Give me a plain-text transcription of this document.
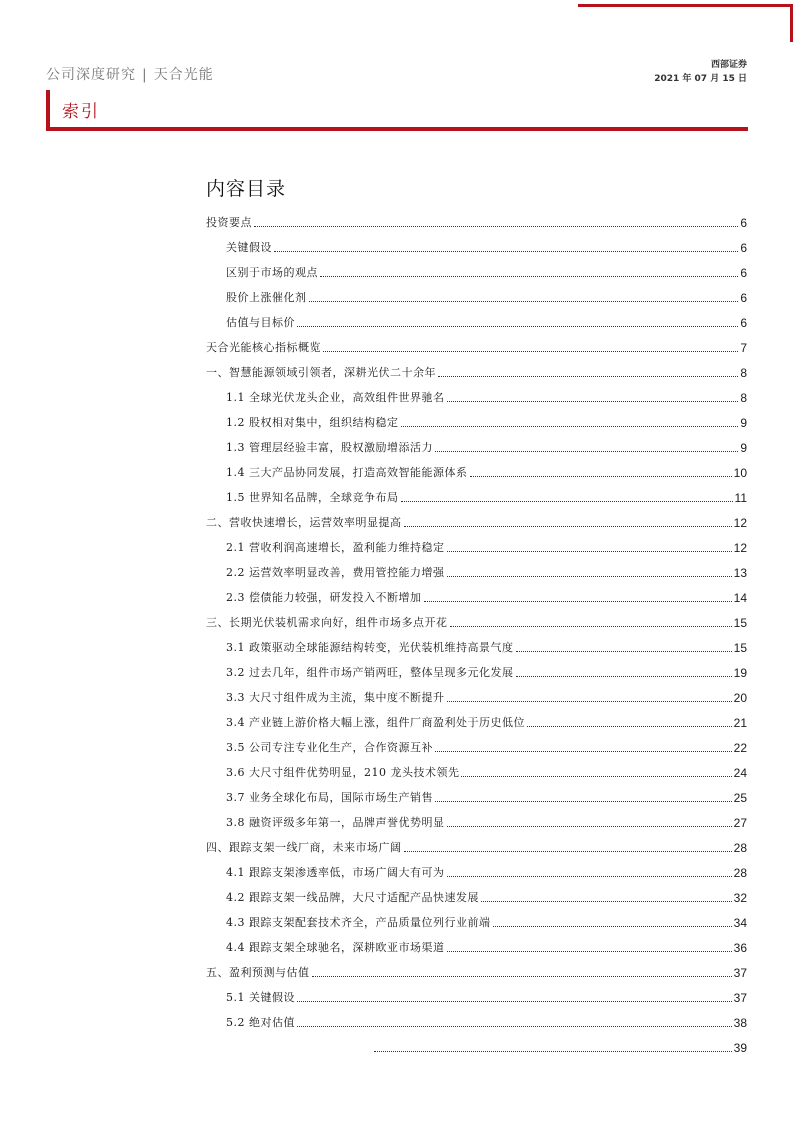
公司深度研究 | 天合光能
西部证券
2021 年 07 月 15 日
索引
内容目录
投资要点	6
关键假设	6
区别于市场的观点	6
股价上涨催化剂	6
估值与目标价	6
天合光能核心指标概览	7
一、智慧能源领域引领者，深耕光伏二十余年	8
1.1 全球光伏龙头企业，高效组件世界驰名	8
1.2 股权相对集中，组织结构稳定	9
1.3 管理层经验丰富，股权激励增添活力	9
1.4 三大产品协同发展，打造高效智能能源体系	10
1.5 世界知名品牌，全球竞争布局	11
二、营收快速增长，运营效率明显提高	12
2.1 营收利润高速增长，盈利能力维持稳定	12
2.2 运营效率明显改善，费用管控能力增强	13
2.3 偿债能力较强，研发投入不断增加	14
三、长期光伏装机需求向好，组件市场多点开花	15
3.1 政策驱动全球能源结构转变，光伏装机维持高景气度	15
3.2 过去几年，组件市场产销两旺，整体呈现多元化发展	19
3.3 大尺寸组件成为主流，集中度不断提升	20
3.4 产业链上游价格大幅上涨，组件厂商盈利处于历史低位	21
3.5 公司专注专业化生产，合作资源互补	22
3.6 大尺寸组件优势明显，210 龙头技术领先	24
3.7 业务全球化布局，国际市场生产销售	25
3.8 融资评级多年第一，品牌声誉优势明显	27
四、跟踪支架一线厂商，未来市场广阔	28
4.1 跟踪支架渗透率低，市场广阔大有可为	28
4.2 跟踪支架一线品牌，大尺寸适配产品快速发展	32
4.3 跟踪支架配套技术齐全，产品质量位列行业前端	34
4.4 跟踪支架全球驰名，深耕欧亚市场渠道	36
五、盈利预测与估值	37
5.1 关键假设	37
5.2 绝对估值	38
39
